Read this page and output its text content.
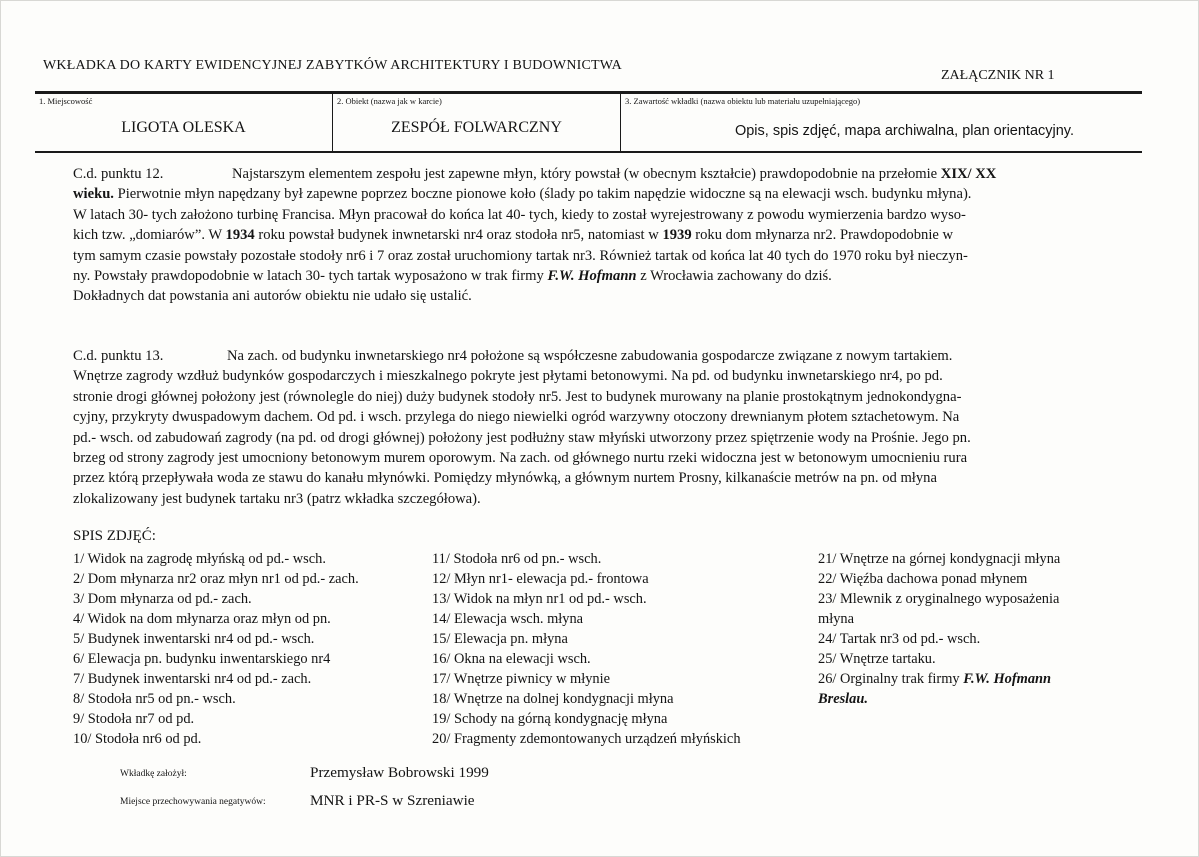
WKŁADKA DO KARTY EWIDENCYJNEJ ZABYTKÓW ARCHITEKTURY I BUDOWNICTWA
ZAŁĄCZNIK NR 1
1. Miejscowość
LIGOTA OLESKA
2. Obiekt (nazwa jak w karcie)
ZESPÓŁ FOLWARCZNY
3. Zawartość wkładki (nazwa obiektu lub materiału uzupełniającego)
Opis, spis zdjęć, mapa archiwalna, plan orientacyjny.
C.d. punktu 12.	Najstarszym elementem zespołu jest zapewne młyn, który powstał (w obecnym kształcie) prawdopodobnie na przełomie XIX/ XX
wieku. Pierwotnie młyn napędzany był zapewne poprzez boczne pionowe koło (ślady po takim napędzie widoczne są na elewacji wsch. budynku młyna).
W latach 30- tych założono turbinę Francisa. Młyn pracował do końca lat 40- tych, kiedy to został wyrejestrowany z powodu wymierzenia bardzo wyso-
kich tzw. „domiarów”. W 1934 roku powstał budynek inwnetarski nr4 oraz stodoła nr5, natomiast w 1939 roku dom młynarza nr2. Prawdopodobnie w
tym samym czasie powstały pozostałe stodoły nr6 i 7 oraz został uruchomiony tartak nr3. Również tartak od końca lat 40 tych do 1970 roku był nieczyn-
ny. Powstały prawdopodobnie w latach 30- tych tartak wyposażono w trak firmy F.W. Hofmann z Wrocławia zachowany do dziś.
Dokładnych dat powstania ani autorów obiektu nie udało się ustalić.
C.d. punktu 13.	Na zach. od budynku inwnetarskiego nr4 położone są współczesne zabudowania gospodarcze związane z nowym tartakiem.
Wnętrze zagrody wzdłuż budynków gospodarczych i mieszkalnego pokryte jest płytami betonowymi. Na pd. od budynku inwnetarskiego nr4, po pd.
stronie drogi głównej położony jest (równolegle do niej) duży budynek stodoły nr5. Jest to budynek murowany na planie prostokątnym jednokondygna-
cyjny, przykryty dwuspadowym dachem. Od pd. i wsch. przylega do niego niewielki ogród warzywny otoczony drewnianym płotem sztachetowym. Na
pd.- wsch. od zabudowań zagrody (na pd. od drogi głównej) położony jest podłużny staw młyński utworzony przez spiętrzenie wody na Prośnie. Jego pn.
brzeg od strony zagrody jest umocniony betonowym murem oporowym. Na zach. od głównego nurtu rzeki widoczna jest w betonowym umocnieniu rura
przez którą przepływała woda ze stawu do kanału młynówki. Pomiędzy młynówką, a głównym nurtem Prosny, kilkanaście metrów na pn. od młyna
zlokalizowany jest budynek tartaku nr3 (patrz wkładka szczegółowa).
SPIS ZDJĘĆ:
1/ Widok na zagrodę młyńską od pd.- wsch.
2/ Dom młynarza nr2 oraz młyn nr1 od pd.- zach.
3/ Dom młynarza od pd.- zach.
4/ Widok na dom młynarza oraz młyn od pn.
5/ Budynek inwentarski nr4 od pd.- wsch.
6/ Elewacja pn. budynku inwentarskiego nr4
7/ Budynek inwentarski nr4 od pd.- zach.
8/ Stodoła nr5 od pn.- wsch.
9/ Stodoła nr7 od pd.
10/ Stodoła nr6 od pd.
11/ Stodoła nr6 od pn.- wsch.
12/ Młyn nr1- elewacja pd.- frontowa
13/ Widok na młyn nr1 od pd.- wsch.
14/ Elewacja wsch. młyna
15/ Elewacja pn. młyna
16/ Okna na elewacji wsch.
17/ Wnętrze piwnicy w młynie
18/ Wnętrze na dolnej kondygnacji młyna
19/ Schody na górną kondygnację młyna
20/ Fragmenty zdemontowanych urządzeń młyńskich
21/ Wnętrze na górnej kondygnacji młyna
22/ Więźba dachowa ponad młynem
23/ Mlewnik z oryginalnego wyposażenia
młyna
24/ Tartak nr3 od pd.- wsch.
25/ Wnętrze tartaku.
26/ Orginalny trak firmy F.W. Hofmann
Breslau.
Wkładkę założył:	Przemysław Bobrowski 1999
Miejsce przechowywania negatywów:	MNR i PR-S w Szreniawie
